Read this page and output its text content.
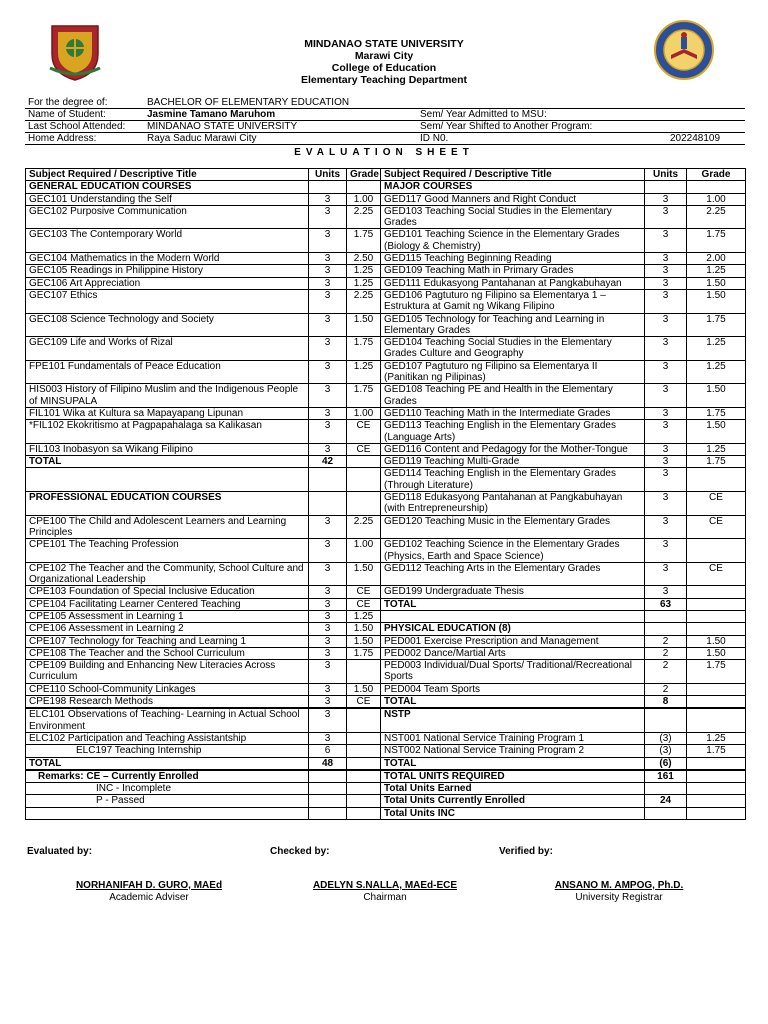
MINDANAO STATE UNIVERSITY
Marawi City
College of Education
Elementary Teaching Department
For the degree of:	BACHELOR OF ELEMENTARY EDUCATION		
Name of Student:	Jasmine Tamano Maruhom	Sem/ Year Admitted to MSU:	
Last School Attended:	MINDANAO STATE UNIVERSITY	Sem/ Year Shifted to Another Program:	
Home Address:	Raya Saduc Marawi City	ID N0.	202248109
EVALUATION SHEET
Subject Required / Descriptive Title	Units	Grade	Subject Required / Descriptive Title	Units	Grade
GENERAL EDUCATION COURSES			MAJOR COURSES		
GEC101 Understanding the Self	3	1.00	GED117 Good Manners and Right Conduct	3	1.00
GEC102 Purposive Communication	3	2.25	GED103 Teaching Social Studies in the Elementary Grades	3	2.25
GEC103 The Contemporary World	3	1.75	GED101 Teaching Science in the Elementary Grades (Biology & Chemistry)	3	1.75
GEC104 Mathematics in the Modern World	3	2.50	GED115 Teaching Beginning Reading	3	2.00
GEC105 Readings in Philippine History	3	1.25	GED109 Teaching Math in Primary Grades	3	1.25
GEC106 Art Appreciation	3	1.25	GED111 Edukasyong Pantahanan at Pangkabuhayan	3	1.50
GEC107 Ethics	3	2.25	GED106 Pagtuturo ng Filipino sa Elementarya 1 – Estruktura at Gamit ng Wikang Filipino	3	1.50
GEC108 Science Technology and Society	3	1.50	GED105 Technology for Teaching and Learning in Elementary Grades	3	1.75
GEC109 Life and Works of Rizal	3	1.75	GED104 Teaching Social Studies in the Elementary Grades Culture and Geography	3	1.25
FPE101 Fundamentals of Peace Education	3	1.25	GED107 Pagtuturo ng Filipino sa Elementarya II (Panitikan ng Pilipinas)	3	1.25
HIS003 History of Filipino Muslim and the Indigenous People of MINSUPALA	3	1.75	GED108 Teaching PE and Health in the Elementary Grades	3	1.50
FIL101 Wika at Kultura sa Mapayapang Lipunan	3	1.00	GED110 Teaching Math in the Intermediate Grades	3	1.75
*FIL102 Ekokritismo at Pagpapahalaga sa Kalikasan	3	CE	GED113 Teaching English in the Elementary Grades (Language Arts)	3	1.50
FIL103 Inobasyon sa Wikang Filipino	3	CE	GED116 Content and Pedagogy for the Mother-Tongue	3	1.25
TOTAL	42		GED119 Teaching Multi-Grade	3	1.75
			GED114 Teaching English in the Elementary Grades (Through Literature)	3	
PROFESSIONAL EDUCATION COURSES			GED118 Edukasyong Pantahanan at Pangkabuhayan (with Entrepreneurship)	3	CE
CPE100 The Child and Adolescent Learners and Learning Principles	3	2.25	GED120 Teaching Music in the Elementary Grades	3	CE
CPE101 The Teaching Profession	3	1.00	GED102 Teaching Science in the Elementary Grades (Physics, Earth and Space Science)	3	
CPE102 The Teacher and the Community, School Culture and Organizational Leadership	3	1.50	GED112 Teaching Arts in the Elementary Grades	3	CE
CPE103 Foundation of Special Inclusive Education	3	CE	GED199 Undergraduate Thesis	3	
CPE104 Facilitating Learner Centered Teaching	3	CE	TOTAL	63	
CPE105 Assessment in Learning 1	3	1.25			
CPE106 Assessment in Learning 2	3	1.50	PHYSICAL EDUCATION (8)		
CPE107 Technology for Teaching and Learning 1	3	1.50	PED001 Exercise Prescription and Management	2	1.50
CPE108 The Teacher and the School Curriculum	3	1.75	PED002 Dance/Martial Arts	2	1.50
CPE109 Building and Enhancing New Literacies Across Curriculum	3		PED003 Individual/Dual Sports/ Traditional/Recreational Sports	2	1.75
CPE110 School-Community Linkages	3	1.50	PED004 Team Sports	2	
CPE198 Research Methods	3	CE	TOTAL	8	

ELC101 Observations of Teaching- Learning in Actual School Environment	3		NSTP		
ELC102 Participation and Teaching Assistantship	3		NST001 National Service Training Program 1	(3)	1.25
ELC197 Teaching Internship	6		NST002 National Service Training Program 2	(3)	1.75
TOTAL	48		TOTAL	(6)	

Remarks: CE – Currently Enrolled			TOTAL UNITS REQUIRED	161	
INC - Incomplete			Total Units Earned		
P - Passed			Total Units Currently Enrolled	24	
			Total Units INC		
Evaluated by:	Checked by:	Verified by:
NORHANIFAH D. GURO, MAEd
Academic Adviser
ADELYN S.NALLA, MAEd-ECE
Chairman
ANSANO M. AMPOG, Ph.D.
University Registrar
